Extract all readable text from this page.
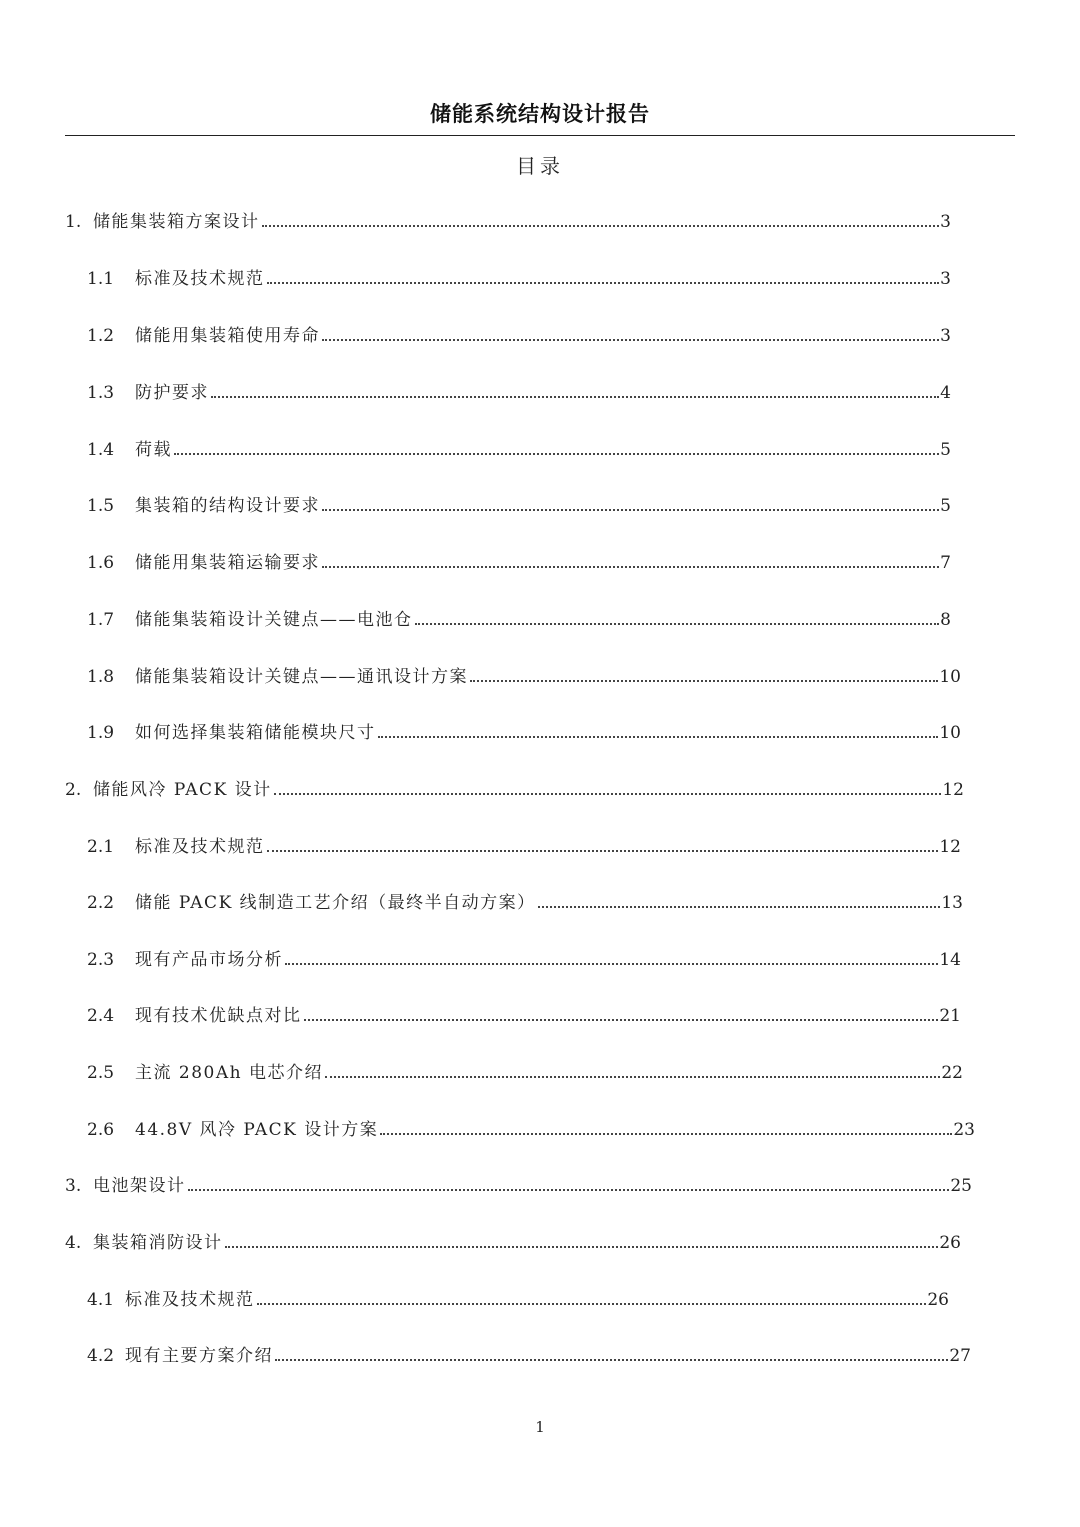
储能系统结构设计报告
目录
1. 储能集装箱方案设计	3
1.1	标准及技术规范	3
1.2	储能用集装箱使用寿命	3
1.3	防护要求	4
1.4	荷载	5
1.5	集装箱的结构设计要求	5
1.6	储能用集装箱运输要求	7
1.7	储能集装箱设计关键点——电池仓	8
1.8	储能集装箱设计关键点——通讯设计方案	10
1.9	如何选择集装箱储能模块尺寸	10
2. 储能风冷 PACK 设计	12
2.1	标准及技术规范	12
2.2	储能 PACK 线制造工艺介绍（最终半自动方案）	13
2.3	现有产品市场分析	14
2.4	现有技术优缺点对比	21
2.5	主流 280Ah 电芯介绍	22
2.6	44.8V 风冷 PACK 设计方案	23
3. 电池架设计	25
4. 集装箱消防设计	26
4.1 标准及技术规范	26
4.2 现有主要方案介绍	27
1
